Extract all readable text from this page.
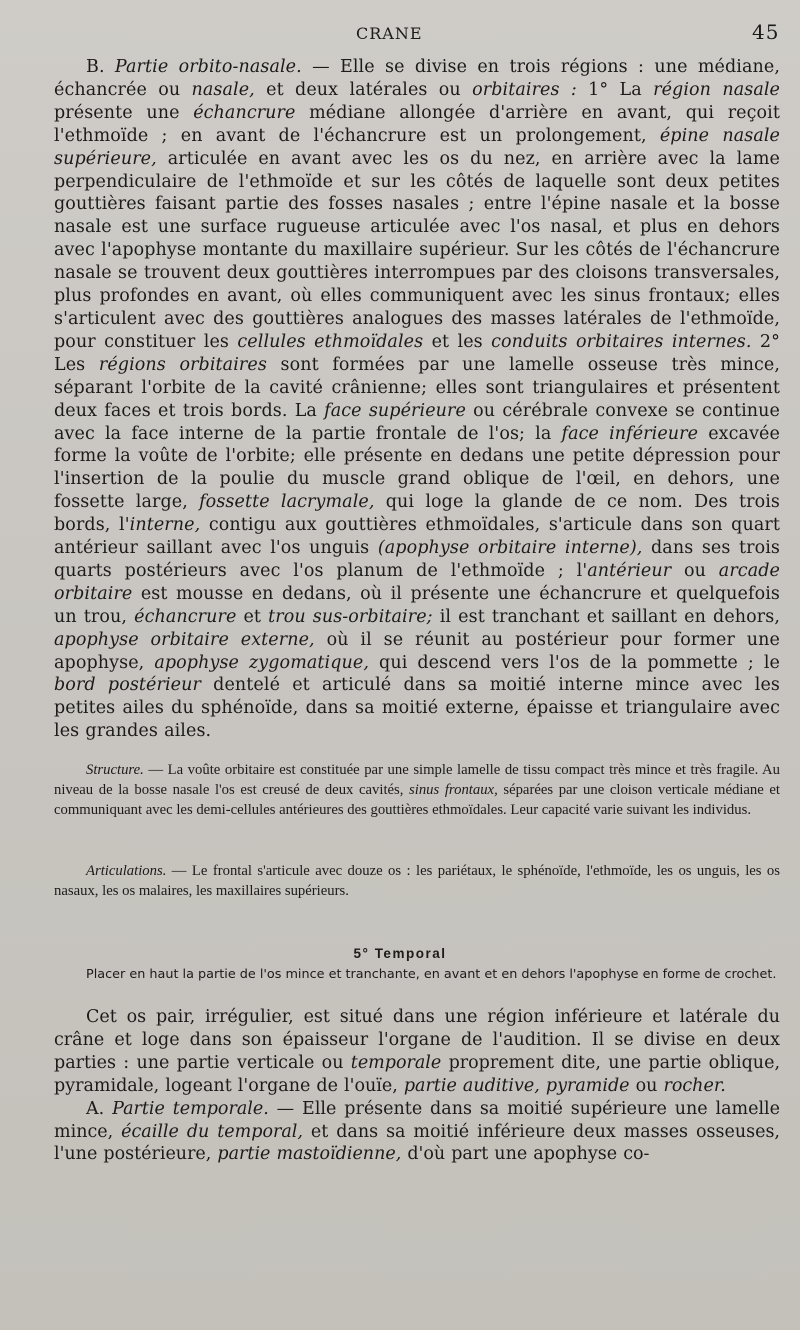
CRANE	45

B. Partie orbito-nasale. — Elle se divise en trois régions : une médiane, échancrée ou nasale, et deux latérales ou orbitaires : 1° La région nasale présente une échancrure médiane allongée d'arrière en avant, qui reçoit l'ethmoïde ; en avant de l'échancrure est un prolongement, épine nasale supérieure, articulée en avant avec les os du nez, en arrière avec la lame perpendiculaire de l'ethmoïde et sur les côtés de laquelle sont deux petites gouttières faisant partie des fosses nasales ; entre l'épine nasale et la bosse nasale est une surface rugueuse articulée avec l'os nasal, et plus en dehors avec l'apophyse montante du maxillaire supérieur. Sur les côtés de l'échancrure nasale se trouvent deux gouttières interrompues par des cloisons transversales, plus profondes en avant, où elles communiquent avec les sinus frontaux; elles s'articulent avec des gouttières analogues des masses latérales de l'ethmoïde, pour constituer les cellules ethmoïdales et les conduits orbitaires internes. 2° Les régions orbitaires sont formées par une lamelle osseuse très mince, séparant l'orbite de la cavité crânienne; elles sont triangulaires et présentent deux faces et trois bords. La face supérieure ou cérébrale convexe se continue avec la face interne de la partie frontale de l'os; la face inférieure excavée forme la voûte de l'orbite; elle présente en dedans une petite dépression pour l'insertion de la poulie du muscle grand oblique de l'œil, en dehors, une fossette large, fossette lacrymale, qui loge la glande de ce nom. Des trois bords, l'interne, contigu aux gouttières ethmoïdales, s'articule dans son quart antérieur saillant avec l'os unguis (apophyse orbitaire interne), dans ses trois quarts postérieurs avec l'os planum de l'ethmoïde ; l'antérieur ou arcade orbitaire est mousse en dedans, où il présente une échancrure et quelquefois un trou, échancrure et trou sus-orbitaire; il est tranchant et saillant en dehors, apophyse orbitaire externe, où il se réunit au postérieur pour former une apophyse, apophyse zygomatique, qui descend vers l'os de la pommette ; le bord postérieur dentelé et articulé dans sa moitié interne mince avec les petites ailes du sphénoïde, dans sa moitié externe, épaisse et triangulaire avec les grandes ailes.

Structure. — La voûte orbitaire est constituée par une simple lamelle de tissu compact très mince et très fragile. Au niveau de la bosse nasale l'os est creusé de deux cavités, sinus frontaux, séparées par une cloison verticale médiane et communiquant avec les demi-cellules antérieures des gouttières ethmoïdales. Leur capacité varie suivant les individus.

Articulations. — Le frontal s'articule avec douze os : les pariétaux, le sphénoïde, l'ethmoïde, les os unguis, les os nasaux, les os malaires, les maxillaires supérieurs.

5° Temporal

Placer en haut la partie de l'os mince et tranchante, en avant et en dehors l'apophyse en forme de crochet.

Cet os pair, irrégulier, est situé dans une région inférieure et latérale du crâne et loge dans son épaisseur l'organe de l'audition. Il se divise en deux parties : une partie verticale ou temporale proprement dite, une partie oblique, pyramidale, logeant l'organe de l'ouïe, partie auditive, pyramide ou rocher.

A. Partie temporale. — Elle présente dans sa moitié supérieure une lamelle mince, écaille du temporal, et dans sa moitié inférieure deux masses osseuses, l'une postérieure, partie mastoïdienne, d'où part une apophyse co-
